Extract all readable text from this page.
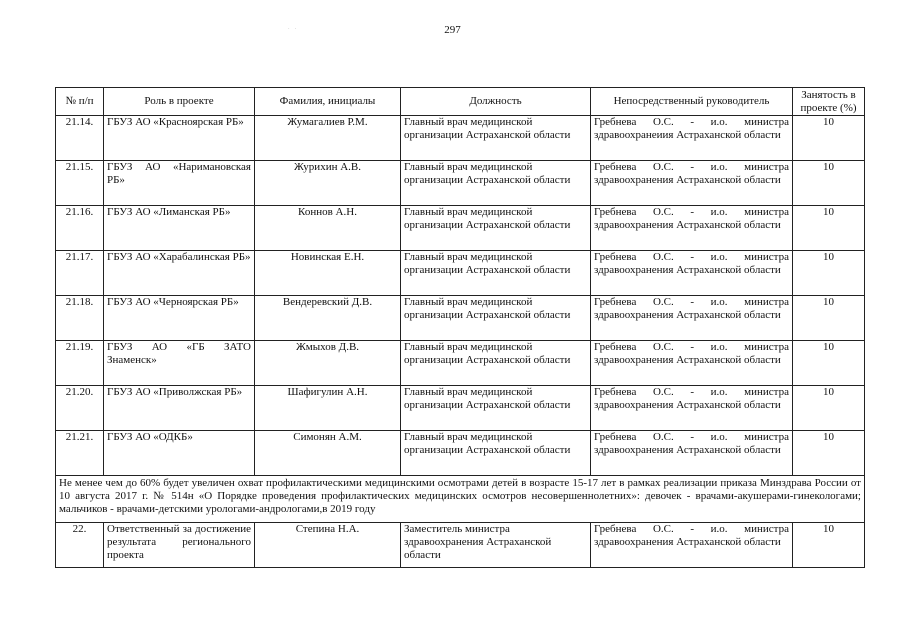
297
· ·
№ п/п	Роль в проекте	Фамилия, инициалы	Должность	Непосредственный руководитель	Занятость в проекте (%)
21.14.	ГБУЗ АО «Красноярская РБ»	Жумагалиев Р.М.	Главный врач медицинской организации Астраханской области	Гребнева О.С. - и.о. министра здравоохранеиия Астраханской области	10
21.15.	ГБУЗ АО «Наримановская РБ»	Журихин А.В.	Главный врач медицинской организации Астраханской области	Гребнева О.С. - и.о. министра здравоохранения Астраханской области	10
21.16.	ГБУЗ АО «Лиманская РБ»	Коннов А.Н.	Главный врач медицинской организации Астраханской области	Гребнева О.С. - и.о. министра здравоохранения Астраханской области	10
21.17.	ГБУЗ АО «Харабалинская РБ»	Новинская Е.Н.	Главный врач медицинской организации Астраханской области	Гребнева О.С. - и.о. министра здравоохранения Астраханской области	10
21.18.	ГБУЗ АО «Черноярская РБ»	Вендеревский Д.В.	Главный врач медицинской организации Астраханской области	Гребнева О.С. - и.о. министра здравоохранения Астраханской области	10
21.19.	ГБУЗ АО «ГБ ЗАТО Знаменск»	Жмыхов Д.В.	Главный врач медицинской организации Астраханской области	Гребнева О.С. - и.о. министра здравоохранения Астраханской области	10
21.20.	ГБУЗ АО «Приволжская РБ»	Шафигулин А.Н.	Главный врач медицинской организации Астраханской области	Гребнева О.С. - и.о. министра здравоохранения Астраханской области	10
21.21.	ГБУЗ АО «ОДКБ»	Симонян А.М.	Главный врач медицинской организации Астраханской области	Гребнева О.С. - и.о. министра здравоохранения Астраханской области	10
Не менее чем до 60% будет увеличен охват профилактическими медицинскими осмотрами детей в возрасте 15-17 лет в рамках реализации приказа Минздрава России от 10 августа 2017 г. № 514н «О Порядке проведения профилактических медицинских осмотров несовершеннолетних»: девочек - врачами-акушерами-гинекологами; мальчиков - врачами-детскими урологами-андрологами,в 2019 году					
22.	Ответственный за достижение результата регионального проекта	Степина Н.А.	Заместитель министра здравоохранения Астраханской области	Гребнева О.С. - и.о. министра здравоохранения Астраханской области	10
